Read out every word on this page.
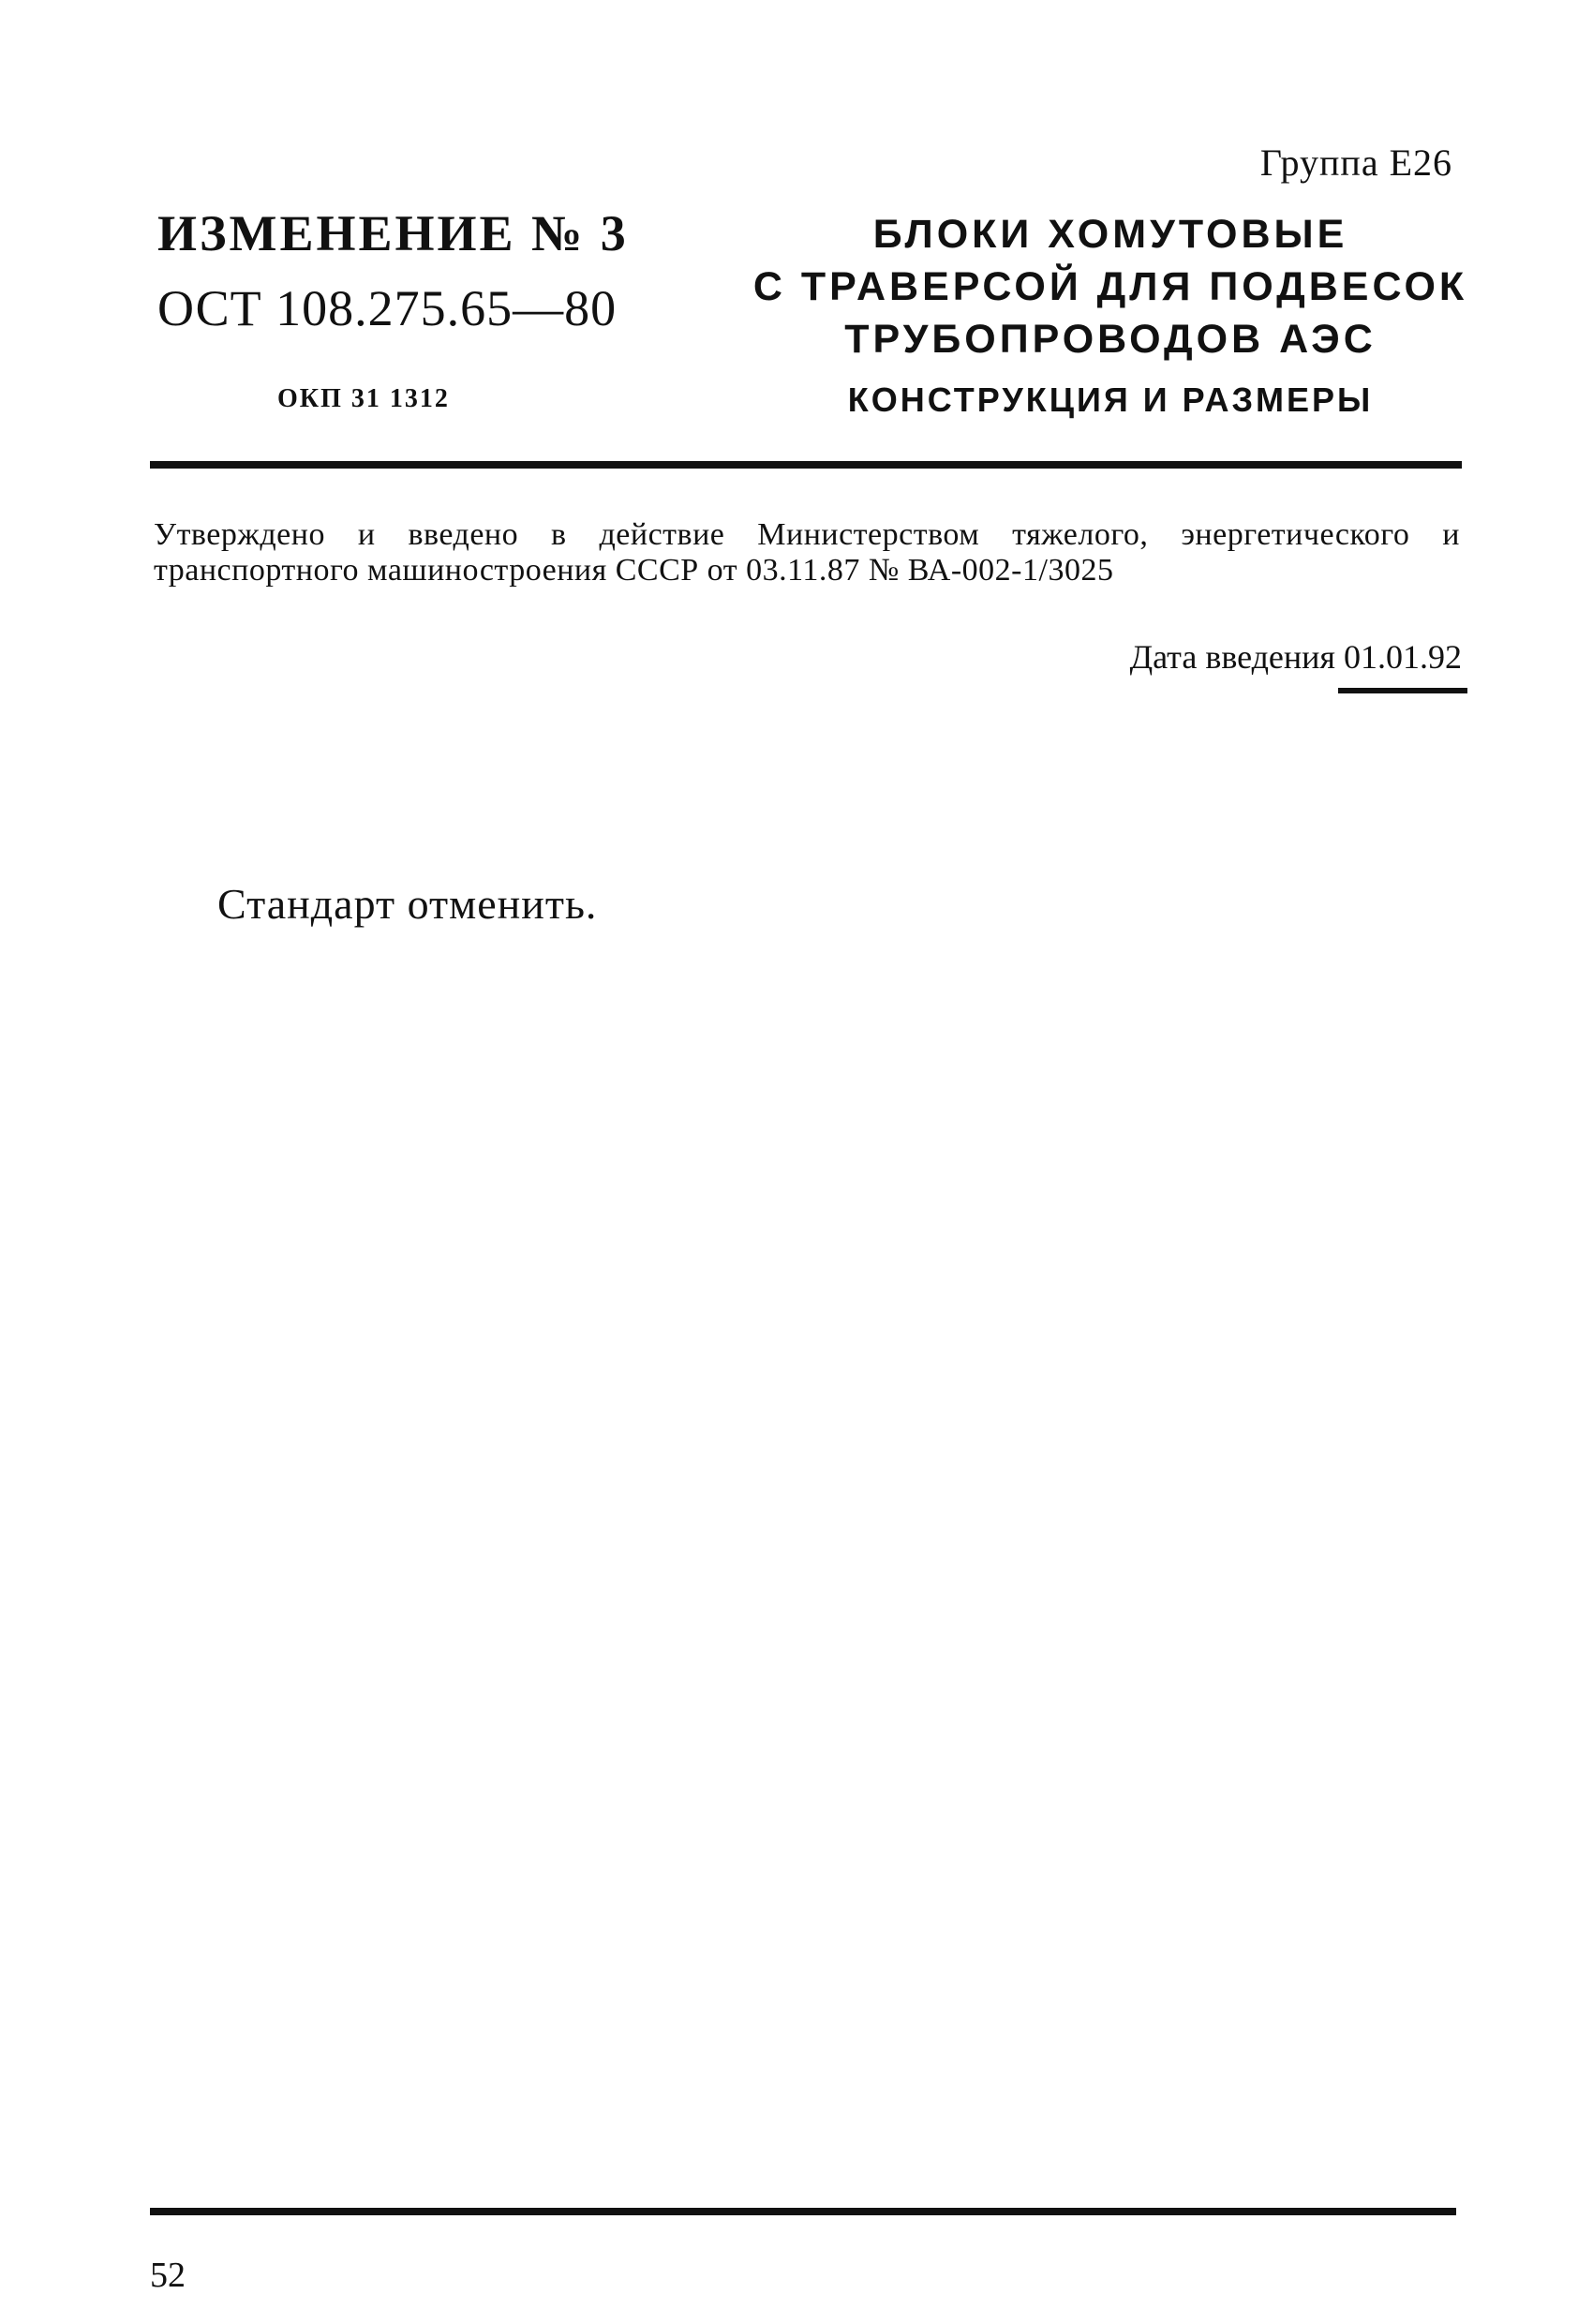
Группа Е26
ИЗМЕНЕНИЕ № 3
ОСТ 108.275.65—80
ОКП 31 1312
БЛОКИ ХОМУТОВЫЕ
С ТРАВЕРСОЙ ДЛЯ ПОДВЕСОК
ТРУБОПРОВОДОВ АЭС
КОНСТРУКЦИЯ И РАЗМЕРЫ
Утверждено и введено в действие Министерством тяжелого, энергетического и транспортного машиностроения СССР от 03.11.87 № ВА-002-1/3025
Дата введения 01.01.92
Стандарт отменить.
52
